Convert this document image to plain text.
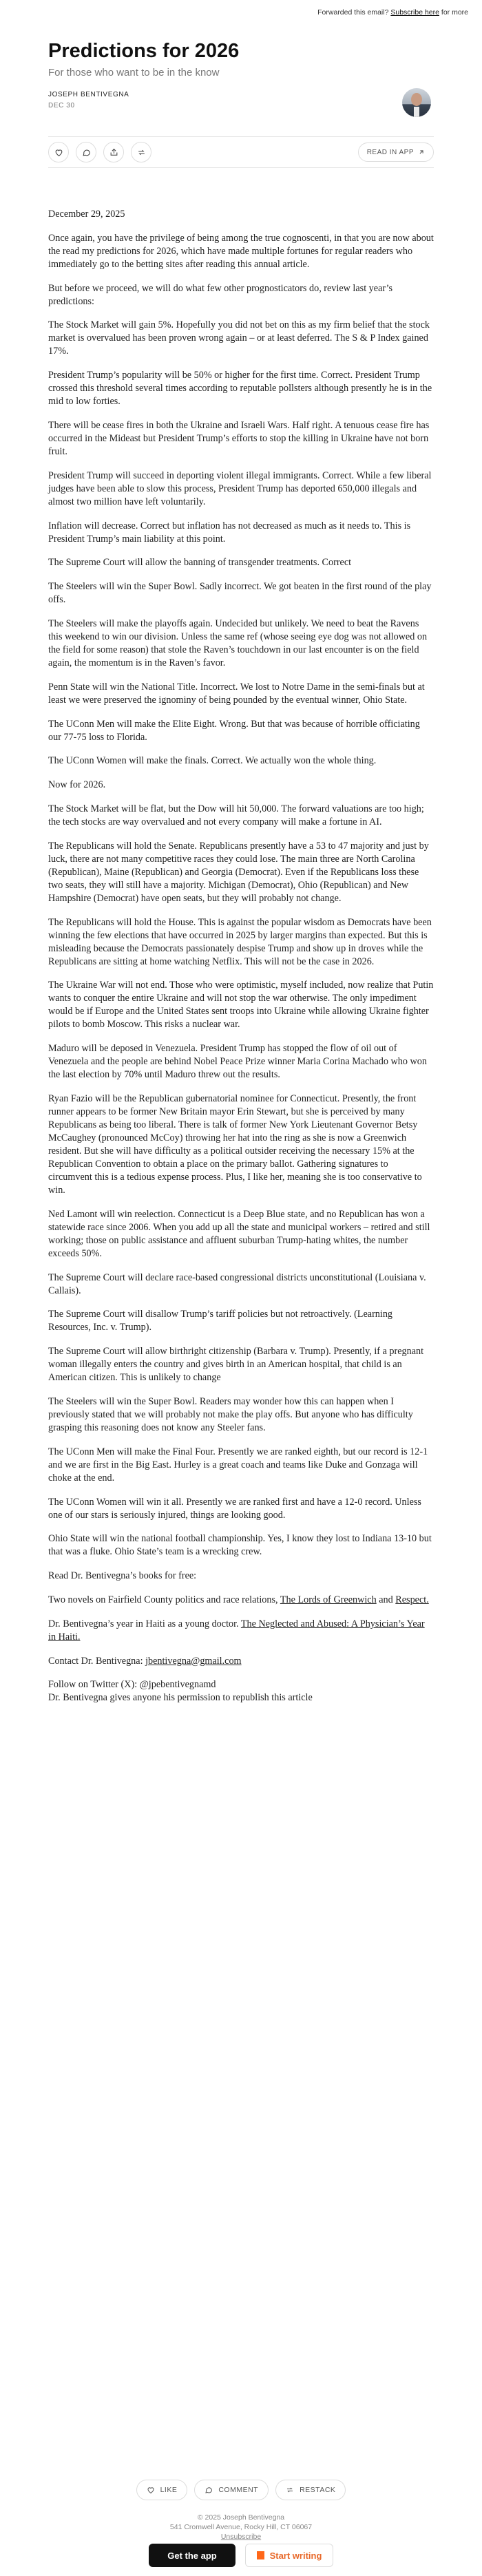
Forwarded this email? Subscribe here for more
Predictions for 2026
For those who want to be in the know
JOSEPH BENTIVEGNA
DEC 30
READ IN APP

December 29, 2025

Once again, you have the privilege of being among the true cognoscenti, in that you are now about the read my predictions for 2026, which have made multiple fortunes for regular readers who immediately go to the betting sites after reading this annual article.

But before we proceed, we will do what few other prognosticators do, review last year’s predictions:

The Stock Market will gain 5%. Hopefully you did not bet on this as my firm belief that the stock market is overvalued has been proven wrong again – or at least deferred. The S & P Index gained 17%.

President Trump’s popularity will be 50% or higher for the first time. Correct. President Trump crossed this threshold several times according to reputable pollsters although presently he is in the mid to low forties.

There will be cease fires in both the Ukraine and Israeli Wars. Half right. A tenuous cease fire has occurred in the Mideast but President Trump’s efforts to stop the killing in Ukraine have not born fruit.

President Trump will succeed in deporting violent illegal immigrants. Correct. While a few liberal judges have been able to slow this process, President Trump has deported 650,000 illegals and almost two million have left voluntarily.

Inflation will decrease. Correct but inflation has not decreased as much as it needs to. This is President Trump’s main liability at this point.

The Supreme Court will allow the banning of transgender treatments. Correct

The Steelers will win the Super Bowl. Sadly incorrect. We got beaten in the first round of the play offs.

The Steelers will make the playoffs again. Undecided but unlikely. We need to beat the Ravens this weekend to win our division. Unless the same ref (whose seeing eye dog was not allowed on the field for some reason) that stole the Raven’s touchdown in our last encounter is on the field again, the momentum is in the Raven’s favor.

Penn State will win the National Title. Incorrect. We lost to Notre Dame in the semi-finals but at least we were preserved the ignominy of being pounded by the eventual winner, Ohio State.

The UConn Men will make the Elite Eight. Wrong. But that was because of horrible officiating our 77-75 loss to Florida.

The UConn Women will make the finals. Correct. We actually won the whole thing.

Now for 2026.

The Stock Market will be flat, but the Dow will hit 50,000. The forward valuations are too high; the tech stocks are way overvalued and not every company will make a fortune in AI.

The Republicans will hold the Senate. Republicans presently have a 53 to 47 majority and just by luck, there are not many competitive races they could lose. The main three are North Carolina (Republican), Maine (Republican) and Georgia (Democrat). Even if the Republicans loss these two seats, they will still have a majority. Michigan (Democrat), Ohio (Republican) and New Hampshire (Democrat) have open seats, but they will probably not change.

The Republicans will hold the House. This is against the popular wisdom as Democrats have been winning the few elections that have occurred in 2025 by larger margins than expected. But this is misleading because the Democrats passionately despise Trump and show up in droves while the Republicans are sitting at home watching Netflix. This will not be the case in 2026.

The Ukraine War will not end. Those who were optimistic, myself included, now realize that Putin wants to conquer the entire Ukraine and will not stop the war otherwise. The only impediment would be if Europe and the United States sent troops into Ukraine while allowing Ukraine fighter pilots to bomb Moscow. This risks a nuclear war.

Maduro will be deposed in Venezuela. President Trump has stopped the flow of oil out of Venezuela and the people are behind Nobel Peace Prize winner Maria Corina Machado who won the last election by 70% until Maduro threw out the results.

Ryan Fazio will be the Republican gubernatorial nominee for Connecticut. Presently, the front runner appears to be former New Britain mayor Erin Stewart, but she is perceived by many Republicans as being too liberal. There is talk of former New York Lieutenant Governor Betsy McCaughey (pronounced McCoy) throwing her hat into the ring as she is now a Greenwich resident. But she will have difficulty as a political outsider receiving the necessary 15% at the Republican Convention to obtain a place on the primary ballot. Gathering signatures to circumvent this is a tedious expense process. Plus, I like her, meaning she is too conservative to win.

Ned Lamont will win reelection. Connecticut is a Deep Blue state, and no Republican has won a statewide race since 2006. When you add up all the state and municipal workers – retired and still working; those on public assistance and affluent suburban Trump-hating whites, the number exceeds 50%.

The Supreme Court will declare race-based congressional districts unconstitutional (Louisiana v. Callais).

The Supreme Court will disallow Trump’s tariff policies but not retroactively. (Learning Resources, Inc. v. Trump).

The Supreme Court will allow birthright citizenship (Barbara v. Trump). Presently, if a pregnant woman illegally enters the country and gives birth in an American hospital, that child is an American citizen. This is unlikely to change

The Steelers will win the Super Bowl. Readers may wonder how this can happen when I previously stated that we will probably not make the play offs. But anyone who has difficulty grasping this reasoning does not know any Steeler fans.

The UConn Men will make the Final Four. Presently we are ranked eighth, but our record is 12-1 and we are first in the Big East. Hurley is a great coach and teams like Duke and Gonzaga will choke at the end.

The UConn Women will win it all. Presently we are ranked first and have a 12-0 record. Unless one of our stars is seriously injured, things are looking good.

Ohio State will win the national football championship. Yes, I know they lost to Indiana 13-10 but that was a fluke. Ohio State’s team is a wrecking crew.

Read Dr. Bentivegna’s books for free:

Two novels on Fairfield County politics and race relations, The Lords of Greenwich and Respect.

Dr. Bentivegna’s year in Haiti as a young doctor. The Neglected and Abused: A Physician’s Year in Haiti.

Contact Dr. Bentivegna: jbentivegna@gmail.com

Follow on Twitter (X): @jpebentivegnamd

Dr. Bentivegna gives anyone his permission to republish this article

LIKE	COMMENT	RESTACK
© 2025 Joseph Bentivegna
541 Cromwell Avenue, Rocky Hill, CT 06067
Unsubscribe
Get the app	Start writing
